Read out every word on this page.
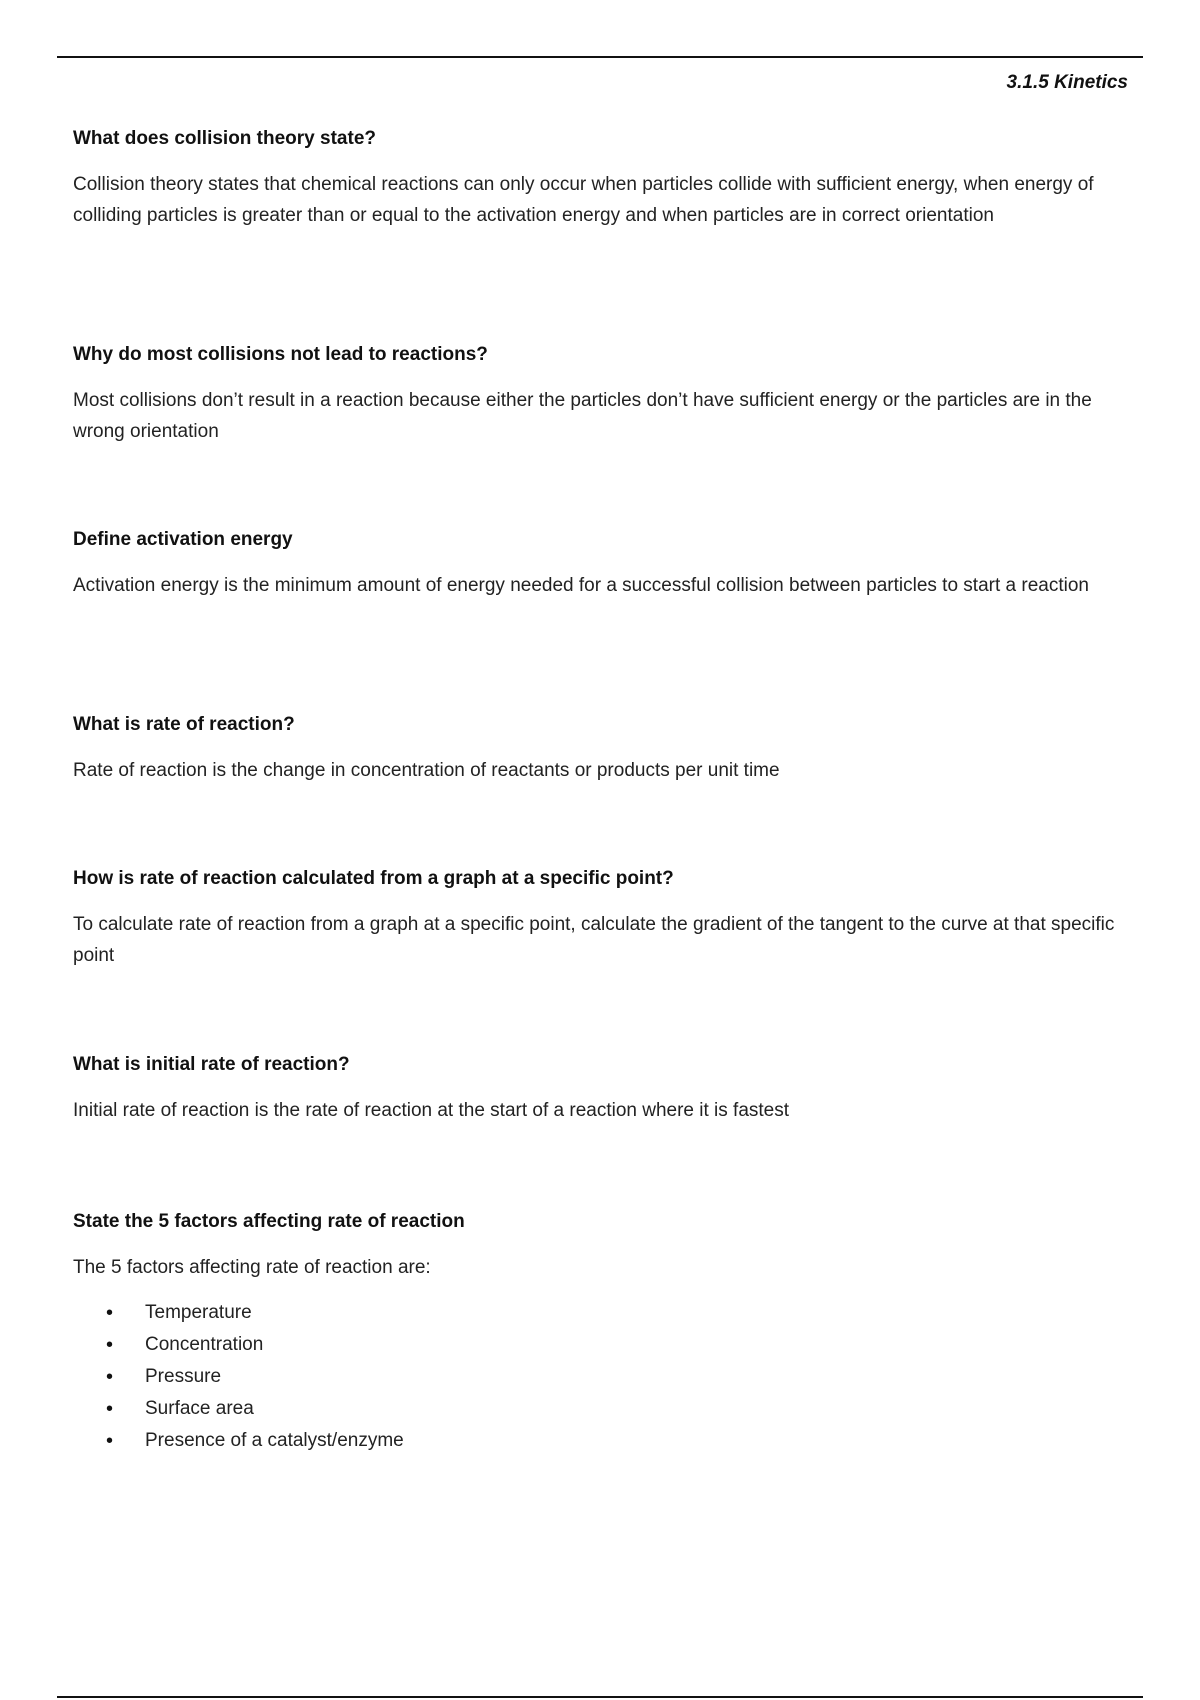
3.1.5 Kinetics

What does collision theory state?

Collision theory states that chemical reactions can only occur when particles collide with sufficient energy, when energy of colliding particles is greater than or equal to the activation energy and when particles are in correct orientation

Why do most collisions not lead to reactions?

Most collisions don’t result in a reaction because either the particles don’t have sufficient energy or the particles are in the wrong orientation

Define activation energy

Activation energy is the minimum amount of energy needed for a successful collision between particles to start a reaction

What is rate of reaction?

Rate of reaction is the change in concentration of reactants or products per unit time

How is rate of reaction calculated from a graph at a specific point?

To calculate rate of reaction from a graph at a specific point, calculate the gradient of the tangent to the curve at that specific point

What is initial rate of reaction?

Initial rate of reaction is the rate of reaction at the start of a reaction where it is fastest

State the 5 factors affecting rate of reaction

The 5 factors affecting rate of reaction are:

• Temperature
• Concentration
• Pressure
• Surface area
• Presence of a catalyst/enzyme
